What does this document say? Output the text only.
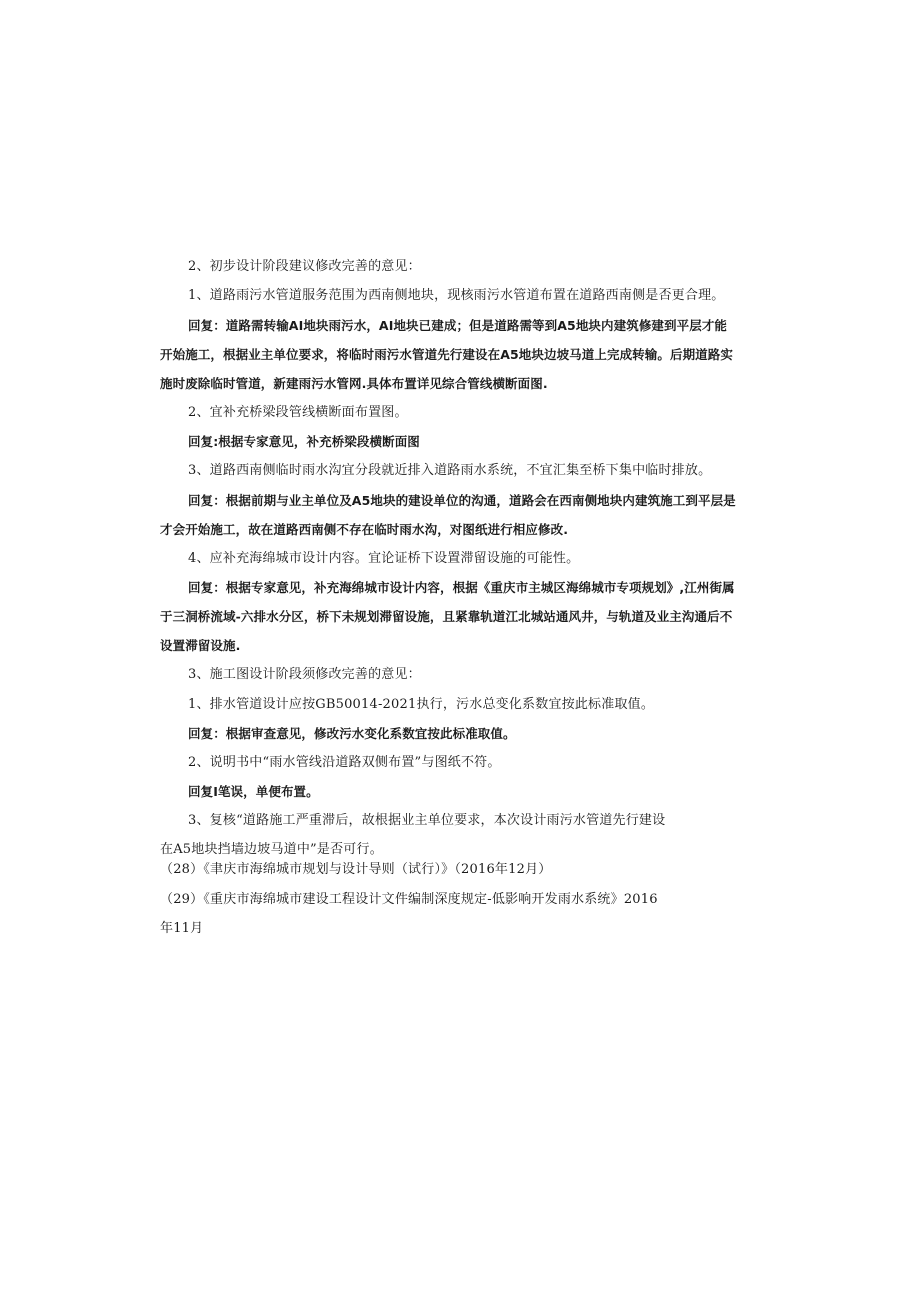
2、初步设计阶段建议修改完善的意见：
1、道路雨污水管道服务范围为西南侧地块，现核雨污水管道布置在道路西南侧是否更合理。
回复：道路需转输AI地块雨污水，AI地块已建成；但是道路需等到A5地块内建筑修建到平层才能
开始施工，根据业主单位要求，将临时雨污水管道先行建设在A5地块边坡马道上完成转输。后期道路实
施时废除临时管道，新建雨污水管网.具体布置详见综合管线横断面图.
2、宜补充桥梁段管线横断面布置图。
回复:根据专家意见，补充桥梁段横断面图
3、道路西南侧临时雨水沟宜分段就近排入道路雨水系统，不宜汇集至桥下集中临时排放。
回复：根据前期与业主单位及A5地块的建设单位的沟通，道路会在西南侧地块内建筑施工到平层是
才会开始施工，故在道路西南侧不存在临时雨水沟，对图纸进行相应修改.
4、应补充海绵城市设计内容。宜论证桥下设置滞留设施的可能性。
回复：根据专家意见，补充海绵城市设计内容，根据《重庆市主城区海绵城市专项规划》,江州街属
于三洞桥流域-六排水分区，桥下未规划滞留设施，且紧靠轨道江北城站通风井，与轨道及业主沟通后不
设置滞留设施.
3、施工图设计阶段须修改完善的意见：
1、排水管道设计应按GB50014-2021执行，污水总变化系数宜按此标准取值。
回复：根据审查意见，修改污水变化系数宜按此标准取值。
2、说明书中“雨水管线沿道路双侧布置”与图纸不符。
回复I笔误，单便布置。
3、复核“道路施工严重滞后，故根据业主单位要求，本次设计雨污水管道先行建设
在A5地块挡墙边坡马道中”是否可行。
（28）《聿庆市海绵城市规划与设计导则（试行）》（2016年12月）
（29）《重庆市海绵城市建设工程设计文件编制深度规定-低影响开发雨水系统》2016
年11月
